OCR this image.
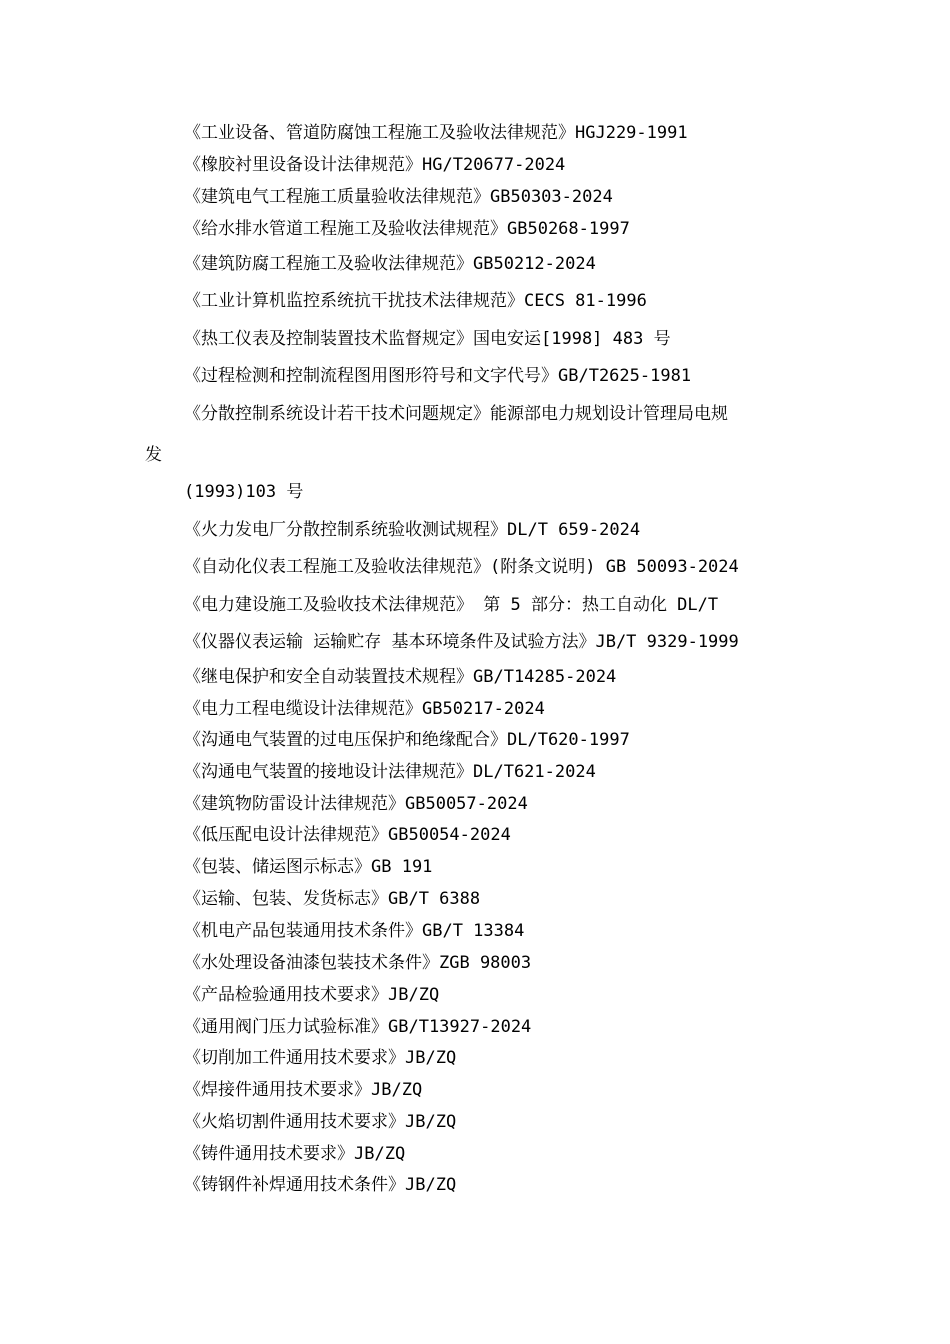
《工业设备、管道防腐蚀工程施工及验收法律规范》HGJ229-1991
《橡胶衬里设备设计法律规范》HG/T20677-2024
《建筑电气工程施工质量验收法律规范》GB50303-2024
《给水排水管道工程施工及验收法律规范》GB50268-1997
《建筑防腐工程施工及验收法律规范》GB50212-2024
《工业计算机监控系统抗干扰技术法律规范》CECS 81-1996
《热工仪表及控制装置技术监督规定》国电安运[1998] 483 号
《过程检测和控制流程图用图形符号和文字代号》GB/T2625-1981
《分散控制系统设计若干技术问题规定》能源部电力规划设计管理局电规
发
(1993)103 号
《火力发电厂分散控制系统验收测试规程》DL/T 659-2024
《自动化仪表工程施工及验收法律规范》(附条文说明) GB 50093-2024
《电力建设施工及验收技术法律规范》 第 5 部分：热工自动化 DL/T
《仪器仪表运输 运输贮存 基本环境条件及试验方法》JB/T 9329-1999
《继电保护和安全自动装置技术规程》GB/T14285-2024
《电力工程电缆设计法律规范》GB50217-2024
《沟通电气装置的过电压保护和绝缘配合》DL/T620-1997
《沟通电气装置的接地设计法律规范》DL/T621-2024
《建筑物防雷设计法律规范》GB50057-2024
《低压配电设计法律规范》GB50054-2024
《包装、储运图示标志》GB 191
《运输、包装、发货标志》GB/T 6388
《机电产品包装通用技术条件》GB/T 13384
《水处理设备油漆包装技术条件》ZGB 98003
《产品检验通用技术要求》JB/ZQ
《通用阀门压力试验标准》GB/T13927-2024
《切削加工件通用技术要求》JB/ZQ
《焊接件通用技术要求》JB/ZQ
《火焰切割件通用技术要求》JB/ZQ
《铸件通用技术要求》JB/ZQ
《铸钢件补焊通用技术条件》JB/ZQ
